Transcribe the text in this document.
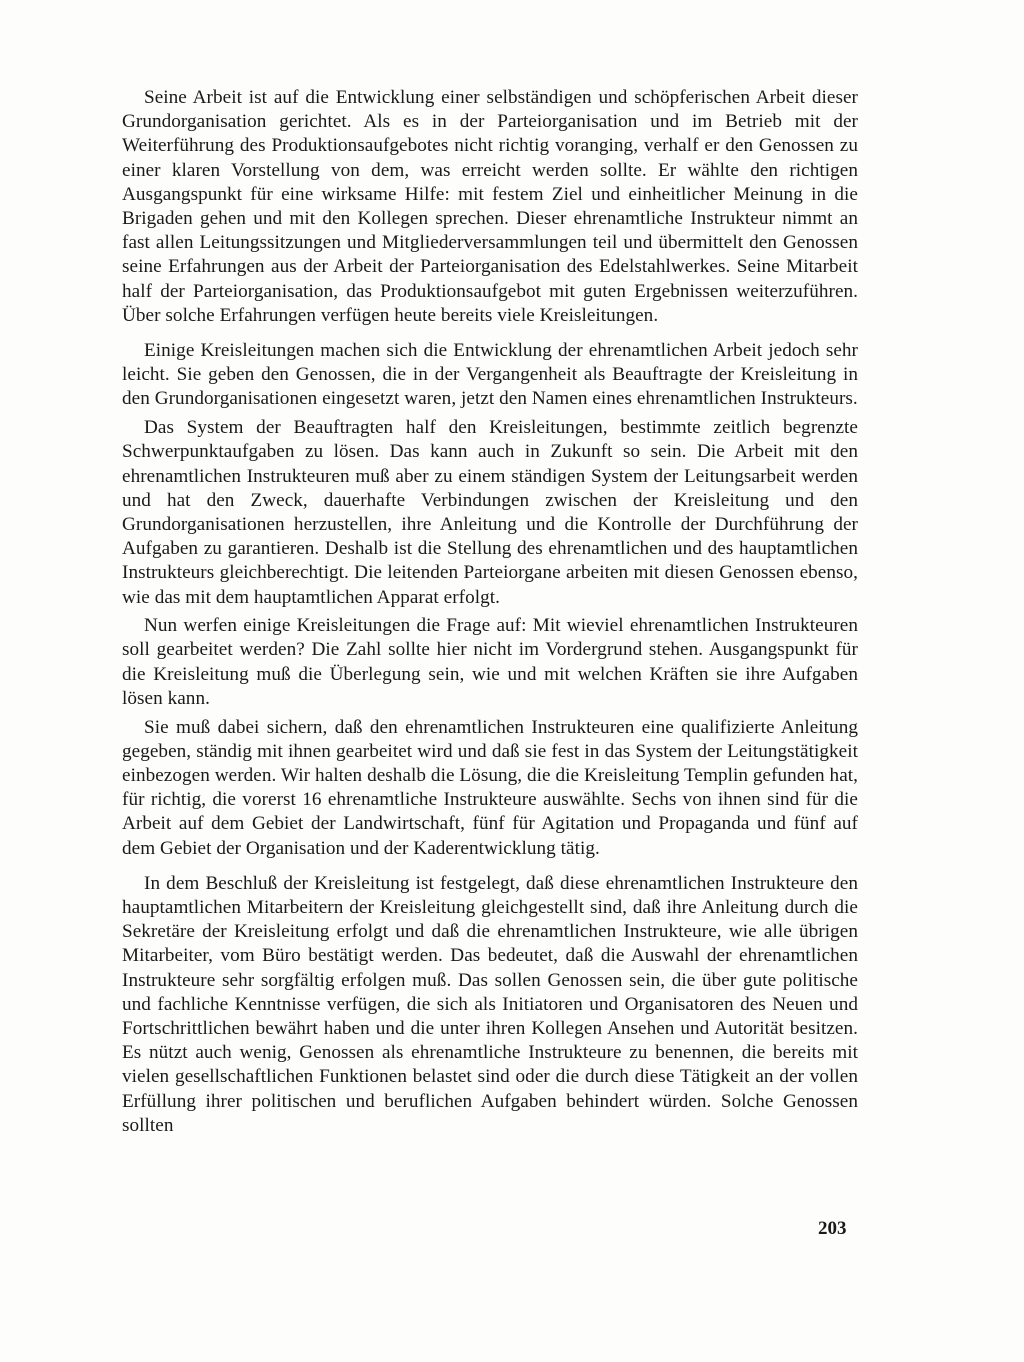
Seine Arbeit ist auf die Entwicklung einer selbständigen und schöpferischen Arbeit dieser Grundorganisation gerichtet. Als es in der Parteiorganisation und im Betrieb mit der Weiterführung des Produktionsaufgebotes nicht richtig voranging, verhalf er den Genossen zu einer klaren Vorstellung von dem, was erreicht werden sollte. Er wählte den richtigen Ausgangspunkt für eine wirksame Hilfe: mit festem Ziel und einheitlicher Meinung in die Brigaden gehen und mit den Kollegen sprechen. Dieser ehrenamtliche Instrukteur nimmt an fast allen Leitungssitzungen und Mitgliederversammlungen teil und übermittelt den Genossen seine Erfahrungen aus der Arbeit der Parteiorganisation des Edelstahlwerkes. Seine Mitarbeit half der Parteiorganisation, das Produktionsaufgebot mit guten Ergebnissen weiterzuführen. Über solche Erfahrungen verfügen heute bereits viele Kreisleitungen.

Einige Kreisleitungen machen sich die Entwicklung der ehrenamtlichen Arbeit jedoch sehr leicht. Sie geben den Genossen, die in der Vergangenheit als Beauftragte der Kreisleitung in den Grundorganisationen eingesetzt waren, jetzt den Namen eines ehrenamtlichen Instrukteurs.

Das System der Beauftragten half den Kreisleitungen, bestimmte zeitlich begrenzte Schwerpunktaufgaben zu lösen. Das kann auch in Zukunft so sein. Die Arbeit mit den ehrenamtlichen Instrukteuren muß aber zu einem ständigen System der Leitungsarbeit werden und hat den Zweck, dauerhafte Verbindungen zwischen der Kreisleitung und den Grundorganisationen herzustellen, ihre Anleitung und die Kontrolle der Durchführung der Aufgaben zu garantieren. Deshalb ist die Stellung des ehrenamtlichen und des hauptamtlichen Instrukteurs gleichberechtigt. Die leitenden Parteiorgane arbeiten mit diesen Genossen ebenso, wie das mit dem hauptamtlichen Apparat erfolgt.

Nun werfen einige Kreisleitungen die Frage auf: Mit wieviel ehrenamtlichen Instrukteuren soll gearbeitet werden? Die Zahl sollte hier nicht im Vordergrund stehen. Ausgangspunkt für die Kreisleitung muß die Überlegung sein, wie und mit welchen Kräften sie ihre Aufgaben lösen kann.

Sie muß dabei sichern, daß den ehrenamtlichen Instrukteuren eine qualifizierte Anleitung gegeben, ständig mit ihnen gearbeitet wird und daß sie fest in das System der Leitungstätigkeit einbezogen werden. Wir halten deshalb die Lösung, die die Kreisleitung Templin gefunden hat, für richtig, die vorerst 16 ehrenamtliche Instrukteure auswählte. Sechs von ihnen sind für die Arbeit auf dem Gebiet der Landwirtschaft, fünf für Agitation und Propaganda und fünf auf dem Gebiet der Organisation und der Kaderentwicklung tätig.

In dem Beschluß der Kreisleitung ist festgelegt, daß diese ehrenamtlichen Instrukteure den hauptamtlichen Mitarbeitern der Kreisleitung gleichgestellt sind, daß ihre Anleitung durch die Sekretäre der Kreisleitung erfolgt und daß die ehrenamtlichen Instrukteure, wie alle übrigen Mitarbeiter, vom Büro bestätigt werden. Das bedeutet, daß die Auswahl der ehrenamtlichen Instrukteure sehr sorgfältig erfolgen muß. Das sollen Genossen sein, die über gute politische und fachliche Kenntnisse verfügen, die sich als Initiatoren und Organisatoren des Neuen und Fortschrittlichen bewährt haben und die unter ihren Kollegen Ansehen und Autorität besitzen. Es nützt auch wenig, Genossen als ehrenamtliche Instrukteure zu benennen, die bereits mit vielen gesellschaftlichen Funktionen belastet sind oder die durch diese Tätigkeit an der vollen Erfüllung ihrer politischen und beruflichen Aufgaben behindert würden. Solche Genossen sollten

203
